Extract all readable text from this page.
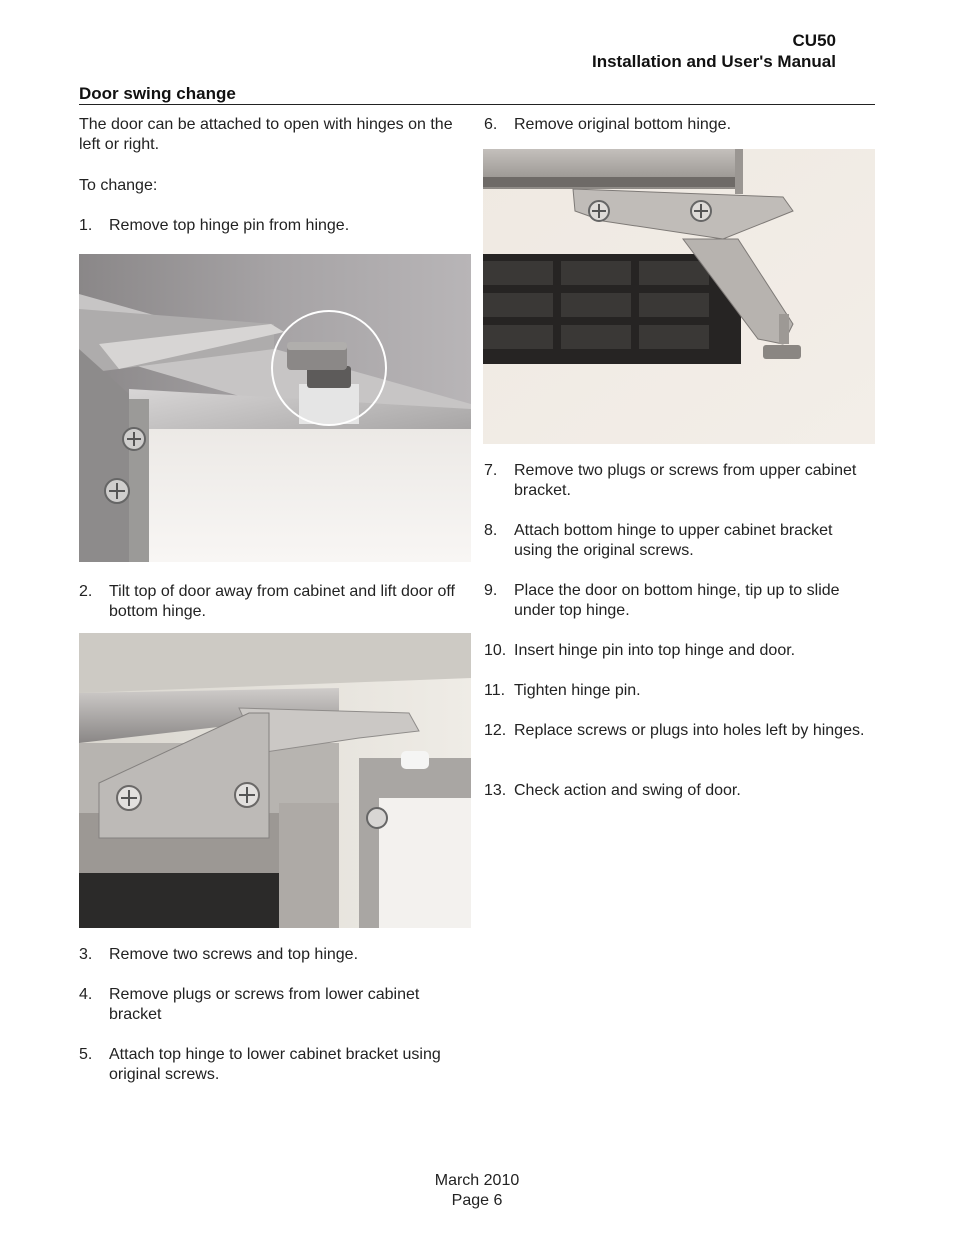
CU50
Installation and User's Manual
Door swing change
The door can be attached to open with hinges on the left or right.
To change:
1.	Remove top hinge pin from hinge.
2.	Tilt top of door away from cabinet and lift door off bottom hinge.
3.	Remove two screws and top hinge.
4.	Remove plugs or screws from lower cabinet bracket
5.	Attach top hinge to lower cabinet bracket using original screws.
6.	Remove original bottom hinge.
7.	Remove two plugs or screws from upper cabinet bracket.
8.	Attach bottom hinge to upper cabinet bracket using the original screws.
9.	Place the door on bottom hinge, tip up to slide under top hinge.
10. Insert hinge pin into top hinge and door.
11. Tighten hinge pin.
12. Replace screws or plugs into holes left by hinges.
13. Check action and swing of door.
March 2010
Page 6
